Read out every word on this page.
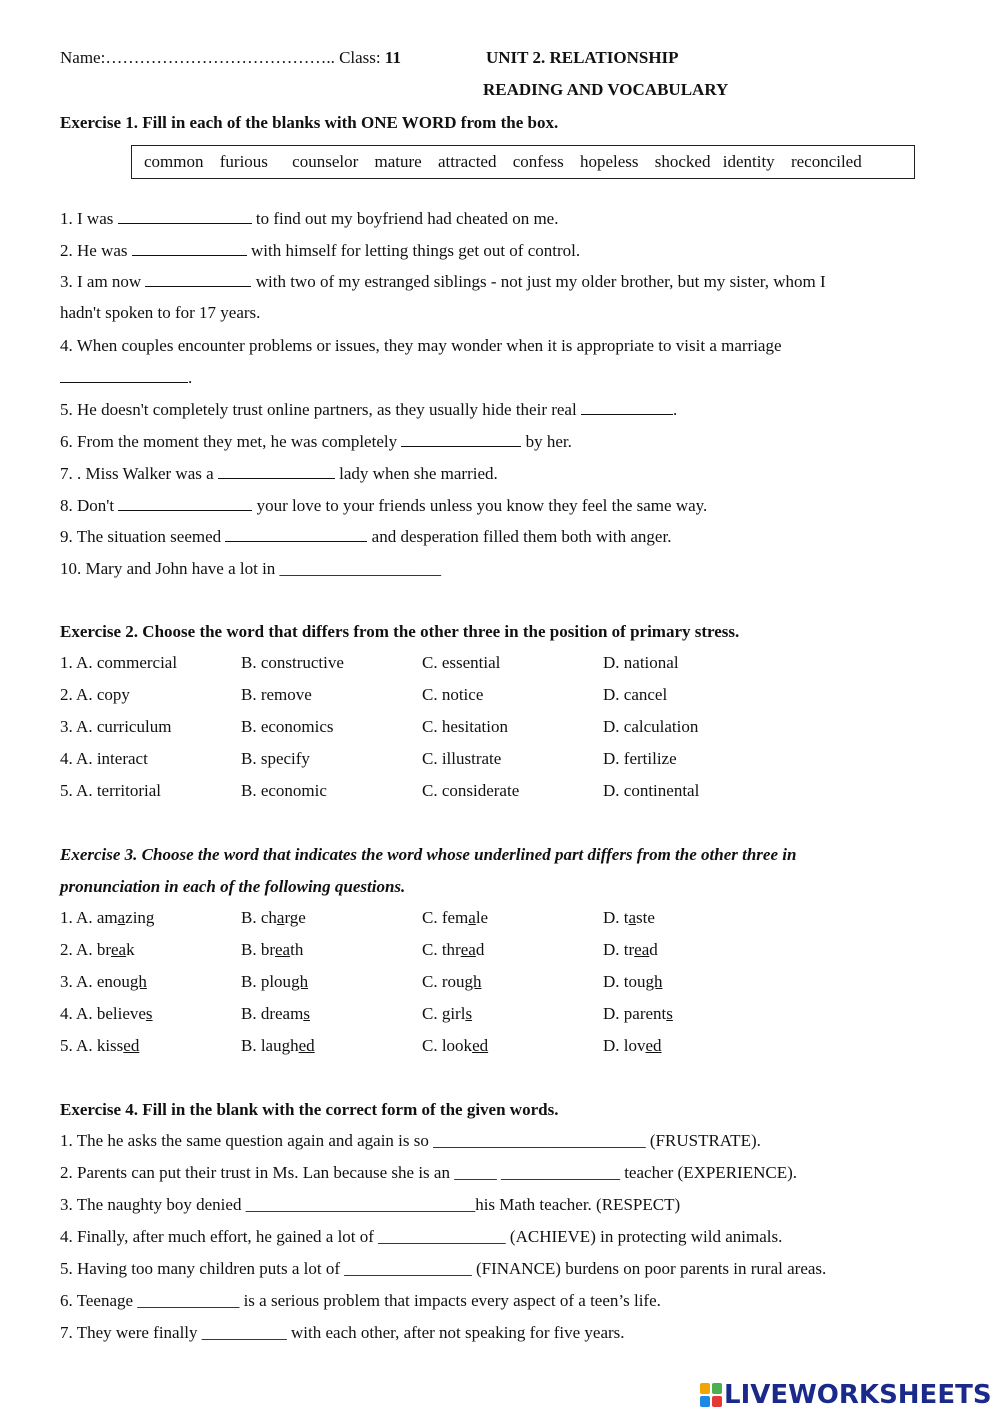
Name:………………………………….. Class: 11	UNIT 2. RELATIONSHIP
READING AND VOCABULARY
Exercise 1. Fill in each of the blanks with ONE WORD from the box.
common furious counselor mature attracted confess hopeless shocked identity reconciled
1. I was	to find out my boyfriend had cheated on me.
2. He was	with himself for letting things get out of control.
3. I am now	with two of my estranged siblings - not just my older brother, but my sister, whom I
hadn't spoken to for 17 years.
4. When couples encounter problems or issues, they may wonder when it is appropriate to visit a marriage
.
5. He doesn't completely trust online partners, as they usually hide their real	.
6. From the moment they met, he was completely	by her.
7. . Miss Walker was a	lady when she married.
8. Don't	your love to your friends unless you know they feel the same way.
9. The situation seemed	and desperation filled them both with anger.
10. Mary and John have a lot in ___________________
Exercise 2. Choose the word that differs from the other three in the position of primary stress.
1. A. commercial	B. constructive	C. essential	D. national
2. A. copy	B. remove	C. notice	D. cancel
3. A. curriculum	B. economics	C. hesitation	D. calculation
4. A. interact	B. specify	C. illustrate	D. fertilize
5. A. territorial	B. economic	C. considerate	D. continental
Exercise 3. Choose the word that indicates the word whose underlined part differs from the other three in
pronunciation in each of the following questions.
1. A. amazing	B. charge	C. female	D. taste
2. A. break	B. breath	C. thread	D. tread
3. A. enough	B. plough	C. rough	D. tough
4. A. believes	B. dreams	C. girls	D. parents
5. A. kissed	B. laughed	C. looked	D. loved
Exercise 4. Fill in the blank with the correct form of the given words.
1. The he asks the same question again and again is so _________________________ (FRUSTRATE).
2. Parents can put their trust in Ms. Lan because she is an _____ ______________ teacher (EXPERIENCE).
3. The naughty boy denied ___________________________his Math teacher. (RESPECT)
4. Finally, after much effort, he gained a lot of _______________ (ACHIEVE) in protecting wild animals.
5. Having too many children puts a lot of _______________ (FINANCE) burdens on poor parents in rural areas.
6. Teenage ____________ is a serious problem that impacts every aspect of a teen’s life.
7. They were finally __________ with each other, after not speaking for five years.
LIVEWORKSHEETS
